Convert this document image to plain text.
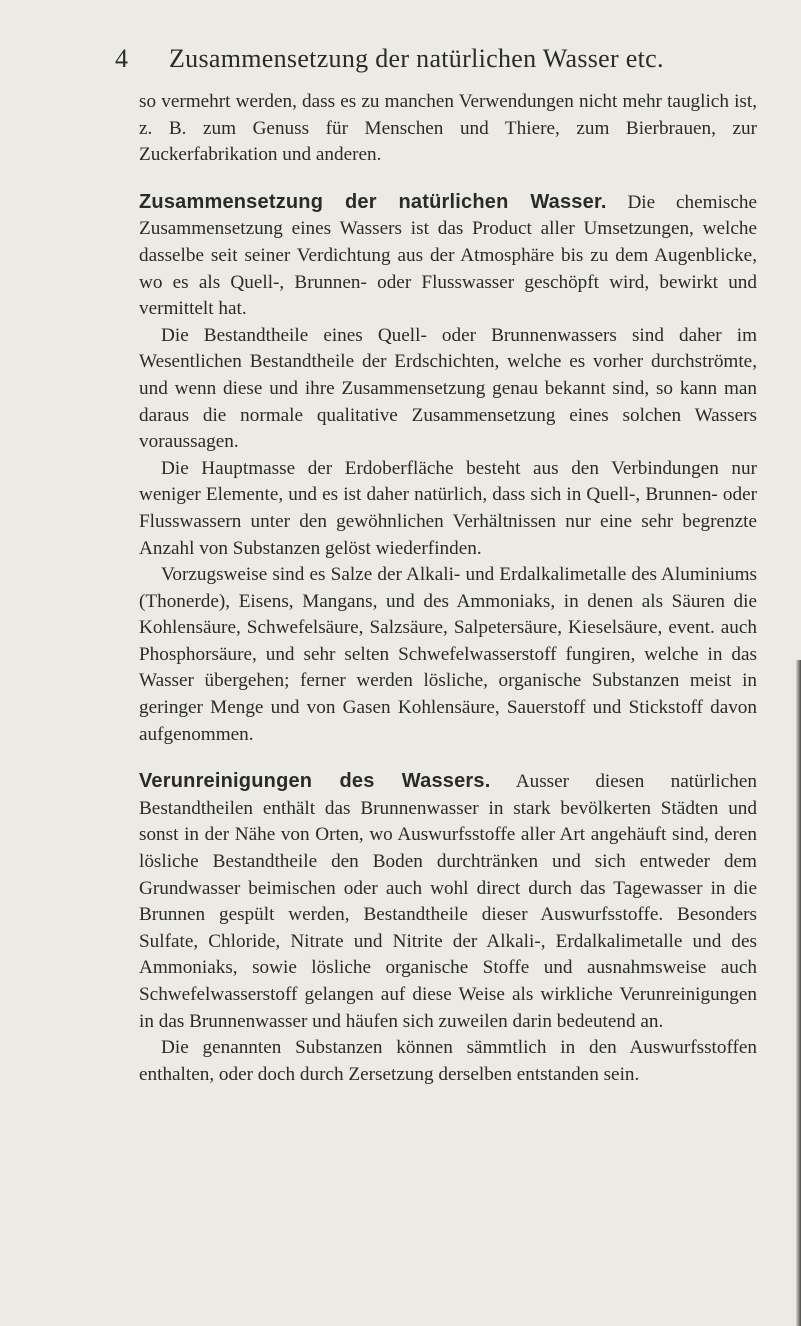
4 Zusammensetzung der natürlichen Wasser etc.

so vermehrt werden, dass es zu manchen Verwendungen nicht mehr tauglich ist, z. B. zum Genuss für Menschen und Thiere, zum Bierbrauen, zur Zuckerfabrikation und anderen.

Zusammensetzung der natürlichen Wasser. Die chemische Zusammensetzung eines Wassers ist das Product aller Umsetzungen, welche dasselbe seit seiner Verdichtung aus der Atmosphäre bis zu dem Augenblicke, wo es als Quell-, Brunnen- oder Flusswasser geschöpft wird, bewirkt und vermittelt hat.

Die Bestandtheile eines Quell- oder Brunnenwassers sind daher im Wesentlichen Bestandtheile der Erdschichten, welche es vorher durchströmte, und wenn diese und ihre Zusammensetzung genau bekannt sind, so kann man daraus die normale qualitative Zusammensetzung eines solchen Wassers voraussagen.

Die Hauptmasse der Erdoberfläche besteht aus den Verbindungen nur weniger Elemente, und es ist daher natürlich, dass sich in Quell-, Brunnen- oder Flusswassern unter den gewöhnlichen Verhältnissen nur eine sehr begrenzte Anzahl von Substanzen gelöst wiederfinden.

Vorzugsweise sind es Salze der Alkali- und Erdalkalimetalle des Aluminiums (Thonerde), Eisens, Mangans, und des Ammoniaks, in denen als Säuren die Kohlensäure, Schwefelsäure, Salzsäure, Salpetersäure, Kieselsäure, event. auch Phosphorsäure, und sehr selten Schwefelwasserstoff fungiren, welche in das Wasser übergehen; ferner werden lösliche, organische Substanzen meist in geringer Menge und von Gasen Kohlensäure, Sauerstoff und Stickstoff davon aufgenommen.

Verunreinigungen des Wassers. Ausser diesen natürlichen Bestandtheilen enthält das Brunnenwasser in stark bevölkerten Städten und sonst in der Nähe von Orten, wo Auswurfsstoffe aller Art angehäuft sind, deren lösliche Bestandtheile den Boden durchtränken und sich entweder dem Grundwasser beimischen oder auch wohl direct durch das Tagewasser in die Brunnen gespült werden, Bestandtheile dieser Auswurfsstoffe. Besonders Sulfate, Chloride, Nitrate und Nitrite der Alkali-, Erdalkalimetalle und des Ammoniaks, sowie lösliche organische Stoffe und ausnahmsweise auch Schwefelwasserstoff gelangen auf diese Weise als wirkliche Verunreinigungen in das Brunnenwasser und häufen sich zuweilen darin bedeutend an.

Die genannten Substanzen können sämmtlich in den Auswurfsstoffen enthalten, oder doch durch Zersetzung derselben entstanden sein.
